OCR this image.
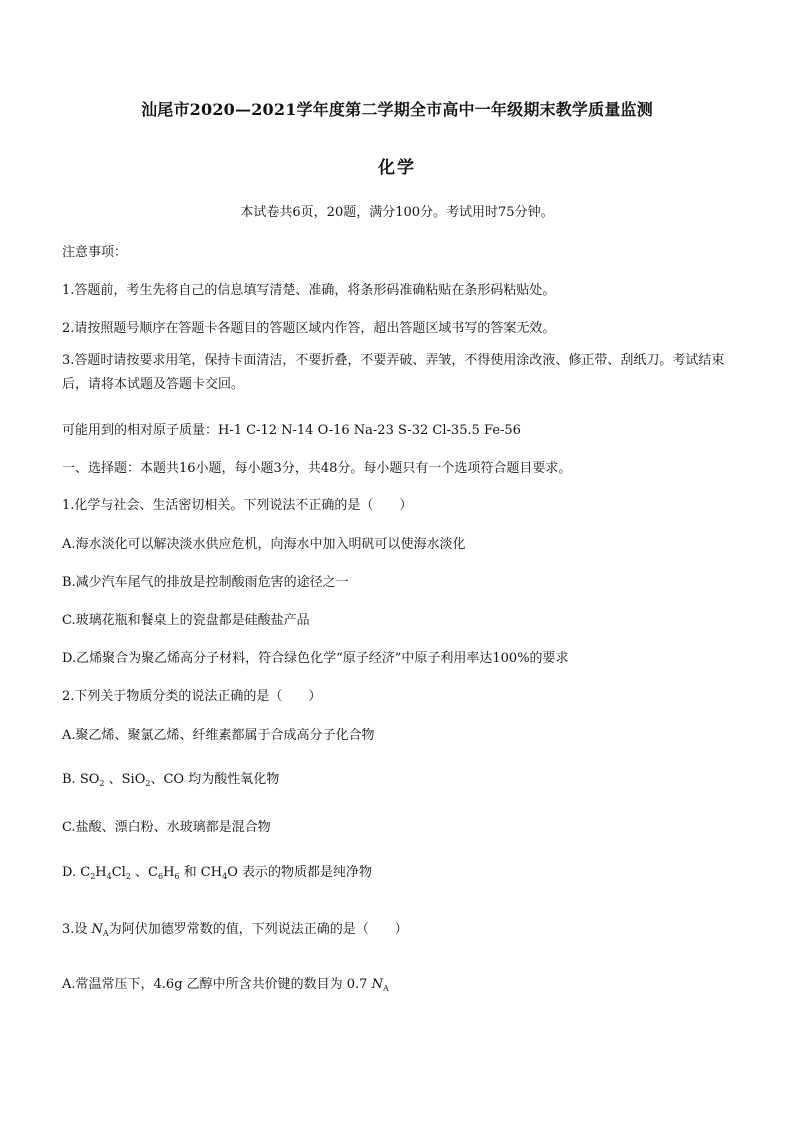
汕尾市2020—2021学年度第二学期全市高中一年级期末教学质量监测
化学
本试卷共6页，20题，满分100分。考试用时75分钟。
注意事项：
1.答题前，考生先将自己的信息填写清楚、准确，将条形码准确粘贴在条形码粘贴处。
2.请按照题号顺序在答题卡各题目的答题区域内作答，超出答题区域书写的答案无效。
3.答题时请按要求用笔，保持卡面清洁，不要折叠，不要弄破、弄皱，不得使用涂改液、修正带、刮纸刀。考试结束后，请将本试题及答题卡交回。
可能用到的相对原子质量：H-1 C-12 N-14 O-16 Na-23 S-32 Cl-35.5 Fe-56
一、选择题：本题共16小题，每小题3分，共48分。每小题只有一个选项符合题目要求。
1.化学与社会、生活密切相关。下列说法不正确的是（　　）
A.海水淡化可以解决淡水供应危机，向海水中加入明矾可以使海水淡化
B.减少汽车尾气的排放是控制酸雨危害的途径之一
C.玻璃花瓶和餐桌上的瓷盘都是硅酸盐产品
D.乙烯聚合为聚乙烯高分子材料，符合绿色化学“原子经济”中原子利用率达100%的要求
2.下列关于物质分类的说法正确的是（　　）
A.聚乙烯、聚氯乙烯、纤维素都属于合成高分子化合物
B. $SO_2$ 、SiO$_2$、CO 均为酸性氧化物
C.盐酸、漂白粉、水玻璃都是混合物
D. $C_2H_4Cl_2$ 、$C_6H_6$ 和 $CH_4O$ 表示的物质都是纯净物
3.设 $N_A$为阿伏加德罗常数的值，下列说法正确的是（　　）
A.常温常压下，4.6g 乙醇中所含共价键的数目为 0.7 $N_A$
